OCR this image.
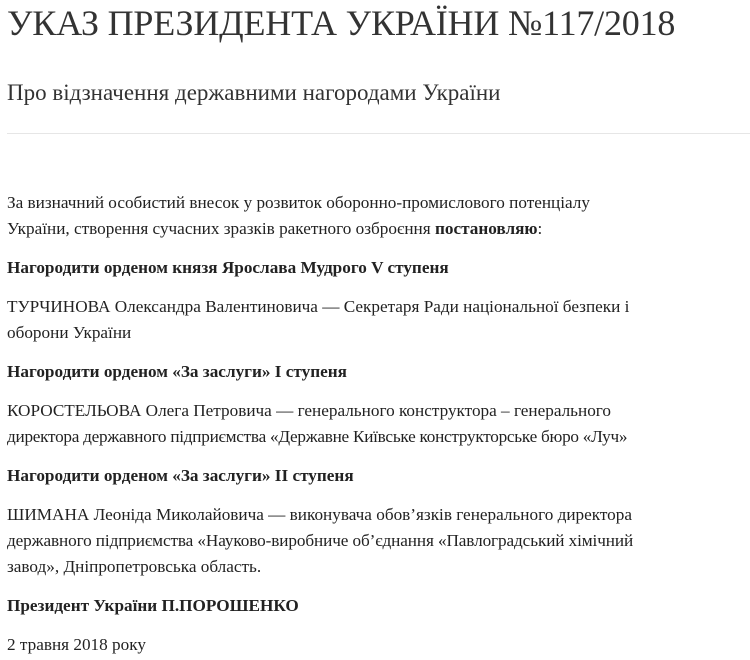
УКАЗ ПРЕЗИДЕНТА УКРАЇНИ №117/2018
Про відзначення державними нагородами України

За визначний особистий внесок у розвиток оборонно-промислового потенціалу
України, створення сучасних зразків ракетного озброєння постановляю:

Нагородити орденом князя Ярослава Мудрого V ступеня

ТУРЧИНОВА Олександра Валентиновича — Секретаря Ради національної безпеки і
оборони України

Нагородити орденом «За заслуги» I ступеня

КОРОСТЕЛЬОВА Олега Петровича — генерального конструктора – генерального
директора державного підприємства «Державне Київське конструкторське бюро «Луч»

Нагородити орденом «За заслуги» II ступеня

ШИМАНА Леоніда Миколайовича — виконувача обов’язків генерального директора
державного підприємства «Науково-виробниче об’єднання «Павлоградський хімічний
завод», Дніпропетровська область.

Президент України П.ПОРОШЕНКО

2 травня 2018 року
